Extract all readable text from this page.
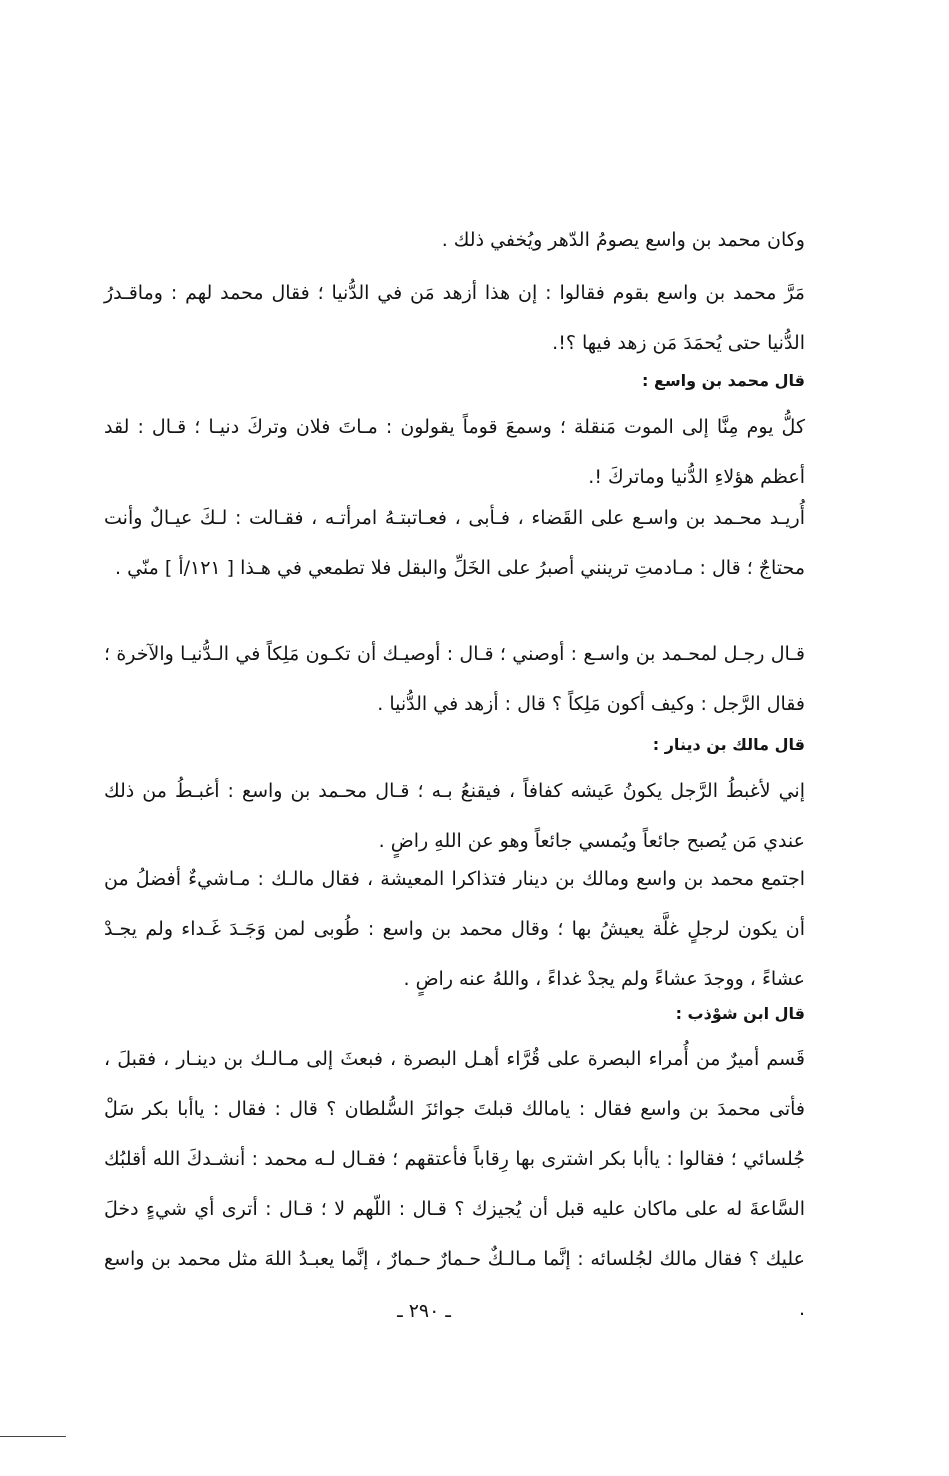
وكان محمد بن واسع يصومُ الدّهر ويُخفي ذلك .

مَرَّ محمد بن واسع بقوم فقالوا : إن هذا أزهد مَن في الدُّنيا ؛ فقال محمد لهم : وماقـدرُ الدُّنيا حتى يُحمَدَ مَن زهد فيها ؟!.

قال محمد بن واسع :

كلُّ يوم مِنَّا إلى الموت مَنقلة ؛ وسمعَ قوماً يقولون : مـاتَ فلان وتركَ دنيـا ؛ قـال : لقد أعظم هؤلاءِ الدُّنيا وماتركَ !.

أُريـد محـمد بن واسـع على القَضاء ، فـأبى ، فعـاتبتـهُ امرأتـه ، فقـالت : لـكَ عيـالٌ وأنت محتاجٌ ؛ قال : مـادمتِ ترينني أصبرُ على الخَلِّ والبقل فلا تطمعي في هـذا [ ١٢١/أ ] منّي .

قـال رجـل لمحـمد بن واسـع : أوصني ؛ قـال : أوصيـك أن تكـون مَلِكاً في الـدُّنيـا والآخرة ؛ فقال الرَّجل : وكيف أكون مَلِكاً ؟ قال : أزهد في الدُّنيا .

قال مالك بن دينار :

إني لأغبطُ الرَّجل يكونُ عَيشه كفافاً ، فيقنعُ بـه ؛ قـال محـمد بن واسع : أغبـطُ من ذلك عندي مَن يُصبح جائعاً ويُمسي جائعاً وهو عن اللهِ راضٍ .

اجتمع محمد بن واسع ومالك بن دينار فتذاكرا المعيشة ، فقال مالـك : مـاشيءٌ أفضلُ من أن يكون لرجلٍ غلَّة يعيشُ بها ؛ وقال محمد بن واسع : طُوبى لمن وَجَـدَ غَـداء ولم يجـدْ عشاءً ، ووجدَ عشاءً ولم يجدْ غداءً ، واللهُ عنه راضٍ .

قال ابن شوْذب :

قَسم أميرٌ من أُمراء البصرة على قُرَّاء أهـل البصرة ، فبعثَ إلى مـالـك بن دينـار ، فقبلَ ، فأتى محمدَ بن واسع فقال : يامالك قبلتَ جوائزَ السُّلطان ؟ قال : فقال : ياأبا بكر سَلْ جُلسائي ؛ فقالوا : ياأبا بكر اشترى بها رِقاباً فأعتقهم ؛ فقـال لـه محمد : أنشـدكَ الله أقلبُك السَّاعةَ له على ماكان عليه قبل أن يُجيزك ؟ قـال : اللّهم لا ؛ قـال : أترى أي شيءٍ دخلَ عليك ؟ فقال مالك لجُلسائه : إنَّما مـالـكٌ حـمارٌ حـمارٌ ، إنَّما يعبـدُ اللهَ مثل محمد بن واسع .

ـ ٢٩٠ ـ
